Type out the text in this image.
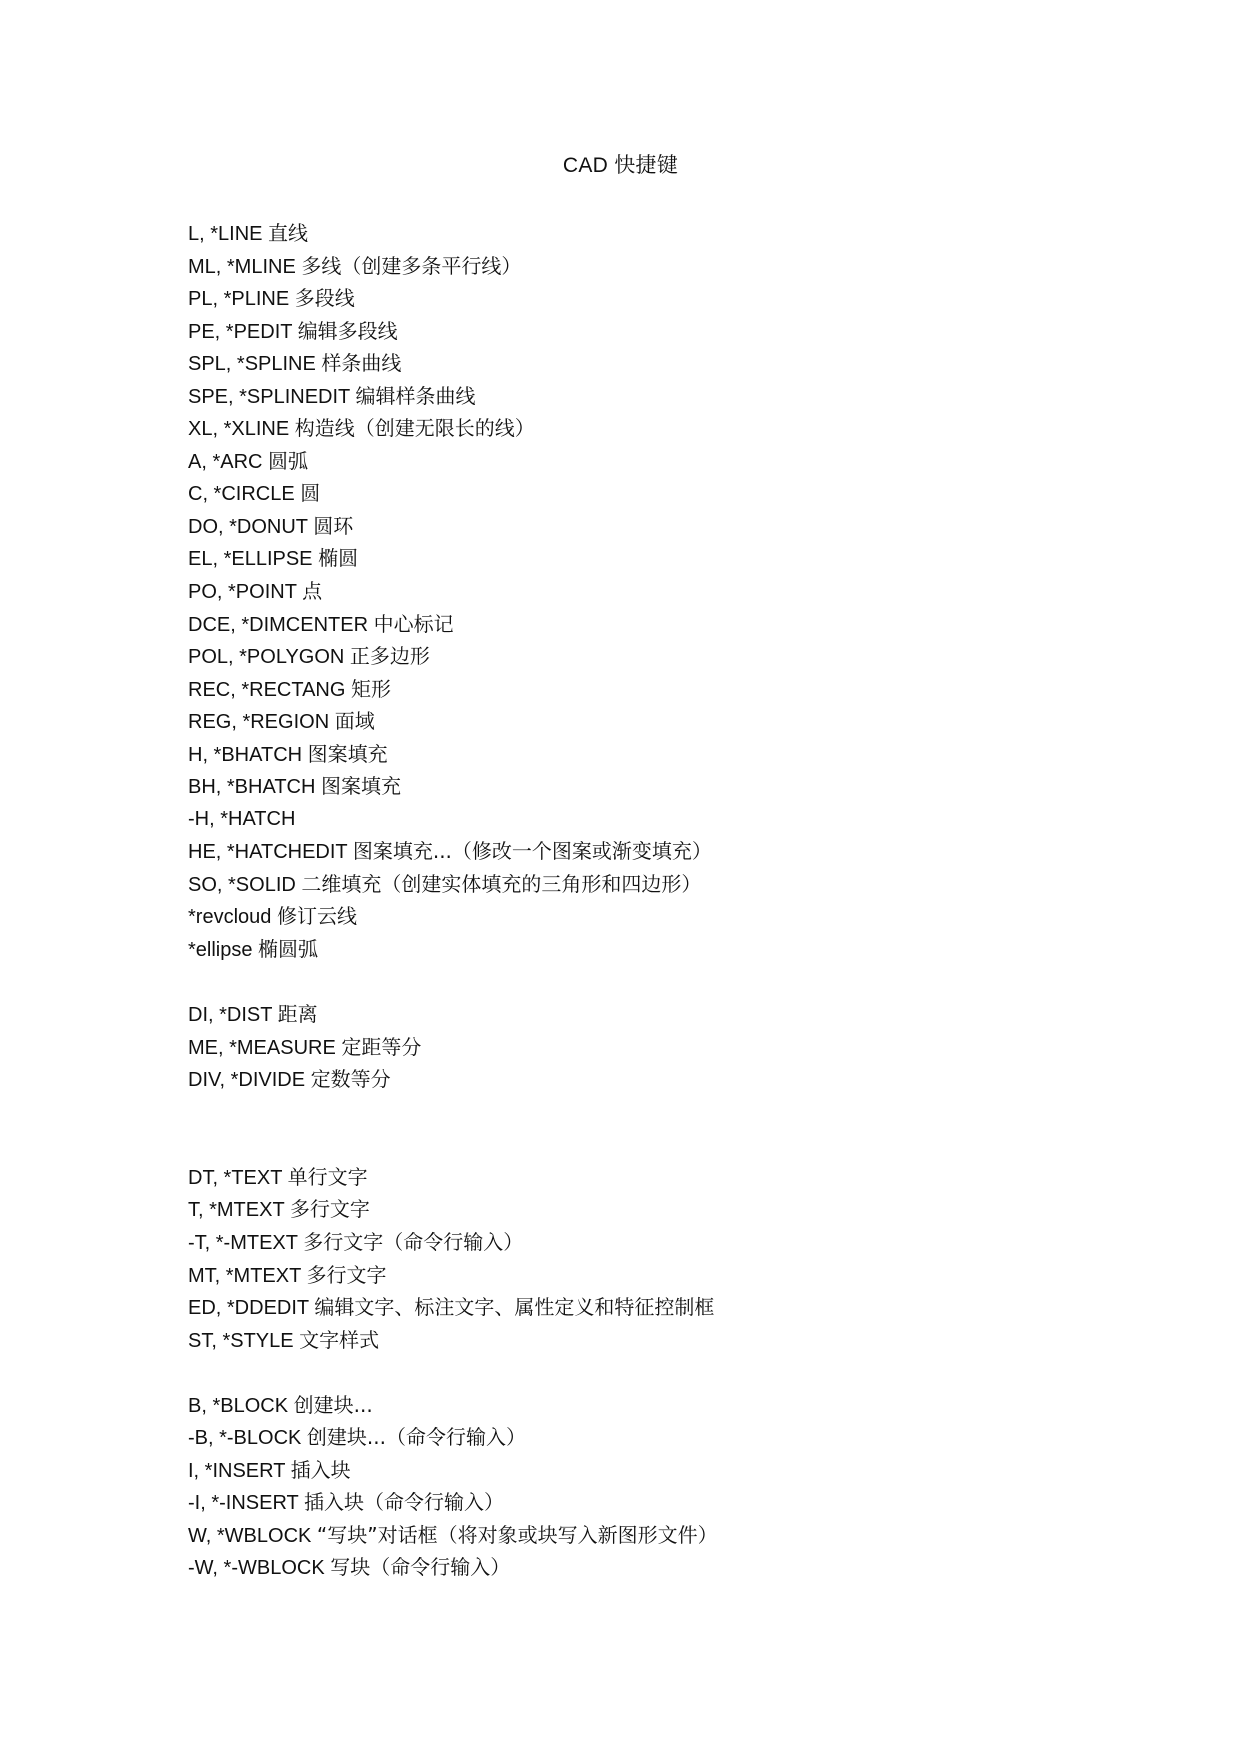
CAD 快捷键
L, *LINE 直线
ML, *MLINE 多线（创建多条平行线）
PL, *PLINE 多段线
PE, *PEDIT 编辑多段线
SPL, *SPLINE 样条曲线
SPE, *SPLINEDIT 编辑样条曲线
XL, *XLINE 构造线（创建无限长的线）
A, *ARC 圆弧
C, *CIRCLE 圆
DO, *DONUT 圆环
EL, *ELLIPSE 椭圆
PO, *POINT 点
DCE, *DIMCENTER 中心标记
POL, *POLYGON 正多边形
REC, *RECTANG 矩形
REG, *REGION 面域
H, *BHATCH 图案填充
BH, *BHATCH 图案填充
-H, *HATCH
HE, *HATCHEDIT 图案填充...（修改一个图案或渐变填充）
SO, *SOLID 二维填充（创建实体填充的三角形和四边形）
*revcloud 修订云线
*ellipse 椭圆弧
DI, *DIST 距离
ME, *MEASURE 定距等分
DIV, *DIVIDE 定数等分
DT, *TEXT 单行文字
T, *MTEXT 多行文字
-T, *-MTEXT 多行文字（命令行输入）
MT, *MTEXT 多行文字
ED, *DDEDIT 编辑文字、标注文字、属性定义和特征控制框
ST, *STYLE 文字样式
B, *BLOCK 创建块...
-B, *-BLOCK 创建块...（命令行输入）
I, *INSERT 插入块
-I, *-INSERT 插入块（命令行输入）
W, *WBLOCK “写块”对话框（将对象或块写入新图形文件）
-W, *-WBLOCK 写块（命令行输入）
